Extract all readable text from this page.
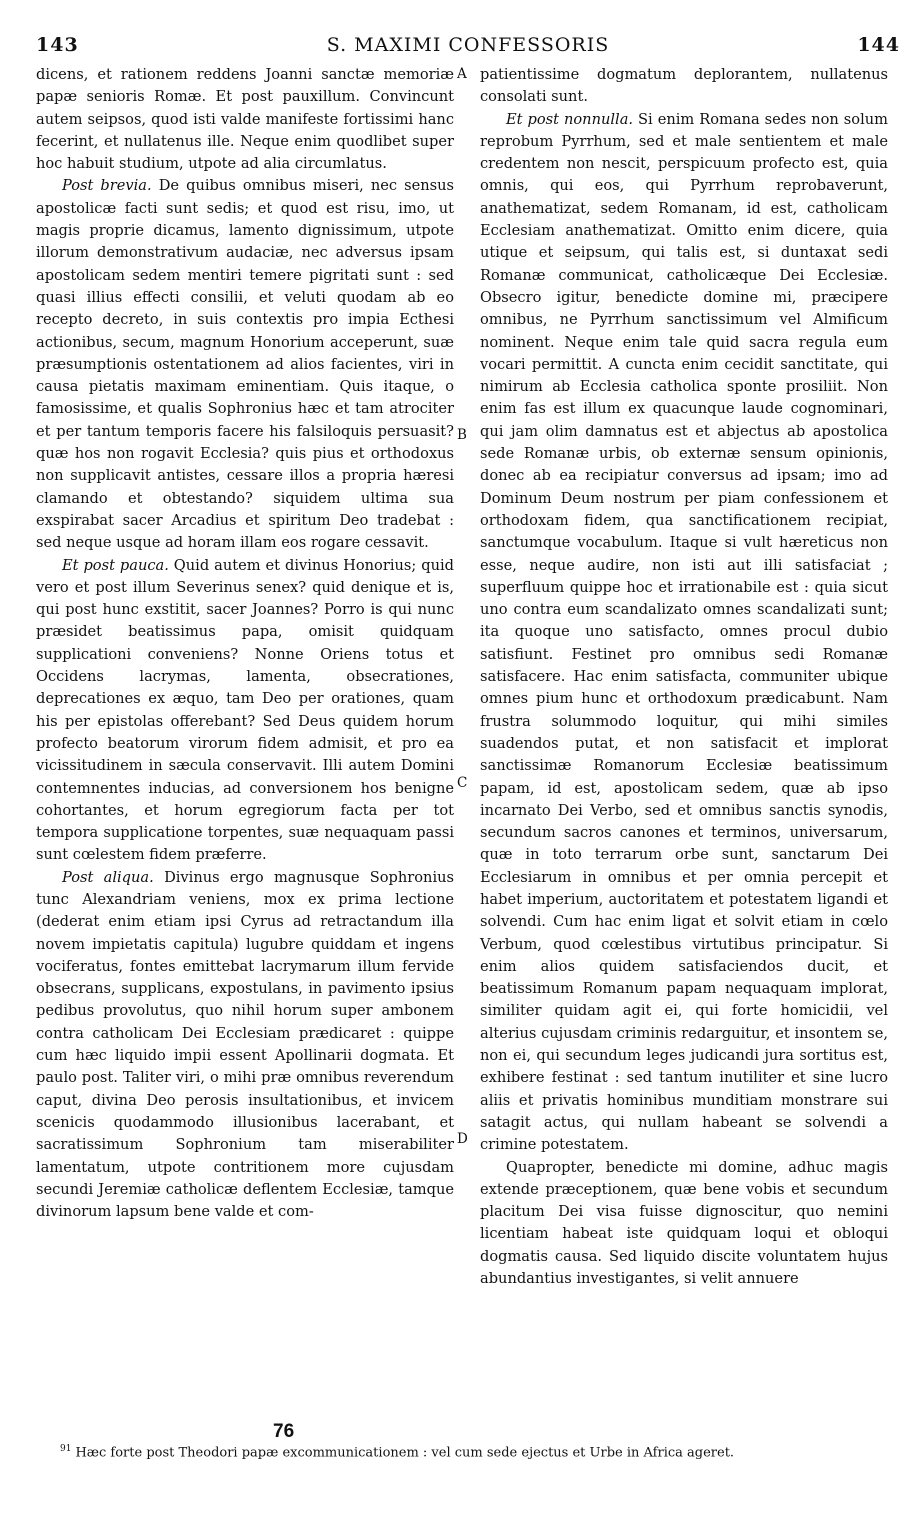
143	S. MAXIMI CONFESSORIS	144

dicens, et rationem reddens Joanni sanctæ memoriæ papæ senioris Romæ. Et post pauxillum. Convincunt autem seipsos, quod isti valde manifeste fortissimi hanc fecerint, et nullatenus ille. Neque enim quodlibet super hoc habuit studium, utpote ad alia circumlatus.

Post brevia. De quibus omnibus miseri, nec sensus apostolicæ facti sunt sedis; et quod est risu, imo, ut magis proprie dicamus, lamento dignissimum, utpote illorum demonstrativum audaciæ, nec adversus ipsam apostolicam sedem mentiri temere pigritati sunt : sed quasi illius effecti consilii, et veluti quodam ab eo recepto decreto, in suis contextis pro impia Ecthesi actionibus, secum, magnum Honorium acceperunt, suæ præsumptionis ostentationem ad alios facientes, viri in causa pietatis maximam eminentiam. Quis itaque, o famosissime, et qualis Sophronius hæc et tam atrociter et per tantum temporis facere his falsiloquis persuasit? quæ hos non rogavit Ecclesia? quis pius et orthodoxus non supplicavit antistes, cessare illos a propria hæresi clamando et obtestando? siquidem ultima sua exspirabat sacer Arcadius et spiritum Deo tradebat : sed neque usque ad horam illam eos rogare cessavit.

Et post pauca. Quid autem et divinus Honorius; quid vero et post illum Severinus senex? quid denique et is, qui post hunc exstitit, sacer Joannes? Porro is qui nunc præsidet beatissimus papa, omisit quidquam supplicationi conveniens? Nonne Oriens totus et Occidens lacrymas, lamenta, obsecrationes, deprecationes ex æquo, tam Deo per orationes, quam his per epistolas offerebant? Sed Deus quidem horum profecto beatorum virorum fidem admisit, et pro ea vicissitudinem in sæcula conservavit. Illi autem Domini contemnentes inducias, ad conversionem hos benigne cohortantes, et horum egregiorum facta per tot tempora supplicatione torpentes, suæ nequaquam passi sunt cœlestem fidem præferre.

Post aliqua. Divinus ergo magnusque Sophronius tunc Alexandriam veniens, mox ex prima lectione (dederat enim etiam ipsi Cyrus ad retractandum illa novem impietatis capitula) lugubre quiddam et ingens vociferatus, fontes emittebat lacrymarum illum fervide obsecrans, supplicans, expostulans, in pavimento ipsius pedibus provolutus, quo nihil horum super ambonem contra catholicam Dei Ecclesiam prædicaret : quippe cum hæc liquido impii essent Apollinarii dogmata. Et paulo post. Taliter viri, o mihi præ omnibus reverendum caput, divina Deo perosis insultationibus, et invicem scenicis quodammodo illusionibus lacerabant, et sacratissimum Sophronium tam miserabiliter lamentatum, utpote contritionem more cujusdam secundi Jeremiæ catholicæ deflentem Ecclesiæ, tamque divinorum lapsum bene valde et com-

patientissime dogmatum deplorantem, nullatenus consolati sunt.

Et post nonnulla. Si enim Romana sedes non solum reprobum Pyrrhum, sed et male sentientem et male credentem non nescit, perspicuum profecto est, quia omnis, qui eos, qui Pyrrhum reprobaverunt, anathematizat, sedem Romanam, id est, catholicam Ecclesiam anathematizat. Omitto enim dicere, quia utique et seipsum, qui talis est, si duntaxat sedi Romanæ communicat, catholicæque Dei Ecclesiæ. Obsecro igitur, benedicte domine mi, præcipere omnibus, ne Pyrrhum sanctissimum vel Almificum nominent. Neque enim tale quid sacra regula eum vocari permittit. A cuncta enim cecidit sanctitate, qui nimirum ab Ecclesia catholica sponte prosiliit. Non enim fas est illum ex quacunque laude cognominari, qui jam olim damnatus est et abjectus ab apostolica sede Romanæ urbis, ob externæ sensum opinionis, donec ab ea recipiatur conversus ad ipsam; imo ad Dominum Deum nostrum per piam confessionem et orthodoxam fidem, qua sanctificationem recipiat, sanctumque vocabulum. Itaque si vult hæreticus non esse, neque audire, non isti aut illi satisfaciat ; superfluum quippe hoc et irrationabile est : quia sicut uno contra eum scandalizato omnes scandalizati sunt; ita quoque uno satisfacto, omnes procul dubio satisfiunt. Festinet pro omnibus sedi Romanæ satisfacere. Hac enim satisfacta, communiter ubique omnes pium hunc et orthodoxum prædicabunt. Nam frustra solummodo loquitur, qui mihi similes suadendos putat, et non satisfacit et implorat sanctissimæ Romanorum Ecclesiæ beatissimum papam, id est, apostolicam sedem, quæ ab ipso incarnato Dei Verbo, sed et omnibus sanctis synodis, secundum sacros canones et terminos, universarum, quæ in toto terrarum orbe sunt, sanctarum Dei Ecclesiarum in omnibus et per omnia percepit et habet imperium, auctoritatem et potestatem ligandi et solvendi. Cum hac enim ligat et solvit etiam in cœlo Verbum, quod cœlestibus virtutibus principatur. Si enim alios quidem satisfaciendos ducit, et beatissimum Romanum papam nequaquam implorat, similiter quidam agit ei, qui forte homicidii, vel alterius cujusdam criminis redarguitur, et insontem se, non ei, qui secundum leges judicandi jura sortitus est, exhibere festinat : sed tantum inutiliter et sine lucro aliis et privatis hominibus munditiam monstrare sui satagit actus, qui nullam habeant se solvendi a crimine potestatem.

Quapropter, benedicte mi domine, adhuc magis extende præceptionem, quæ bene vobis et secundum placitum Dei visa fuisse dignoscitur, quo nemini licentiam habeat iste quidquam loqui et obloqui dogmatis causa. Sed liquido discite voluntatem hujus abundantius investigantes, si velit annuere

A
B
C
D
76
$^{91}$ Hæc forte post Theodori papæ excommunicationem : vel cum sede ejectus et Urbe in Africa ageret.
